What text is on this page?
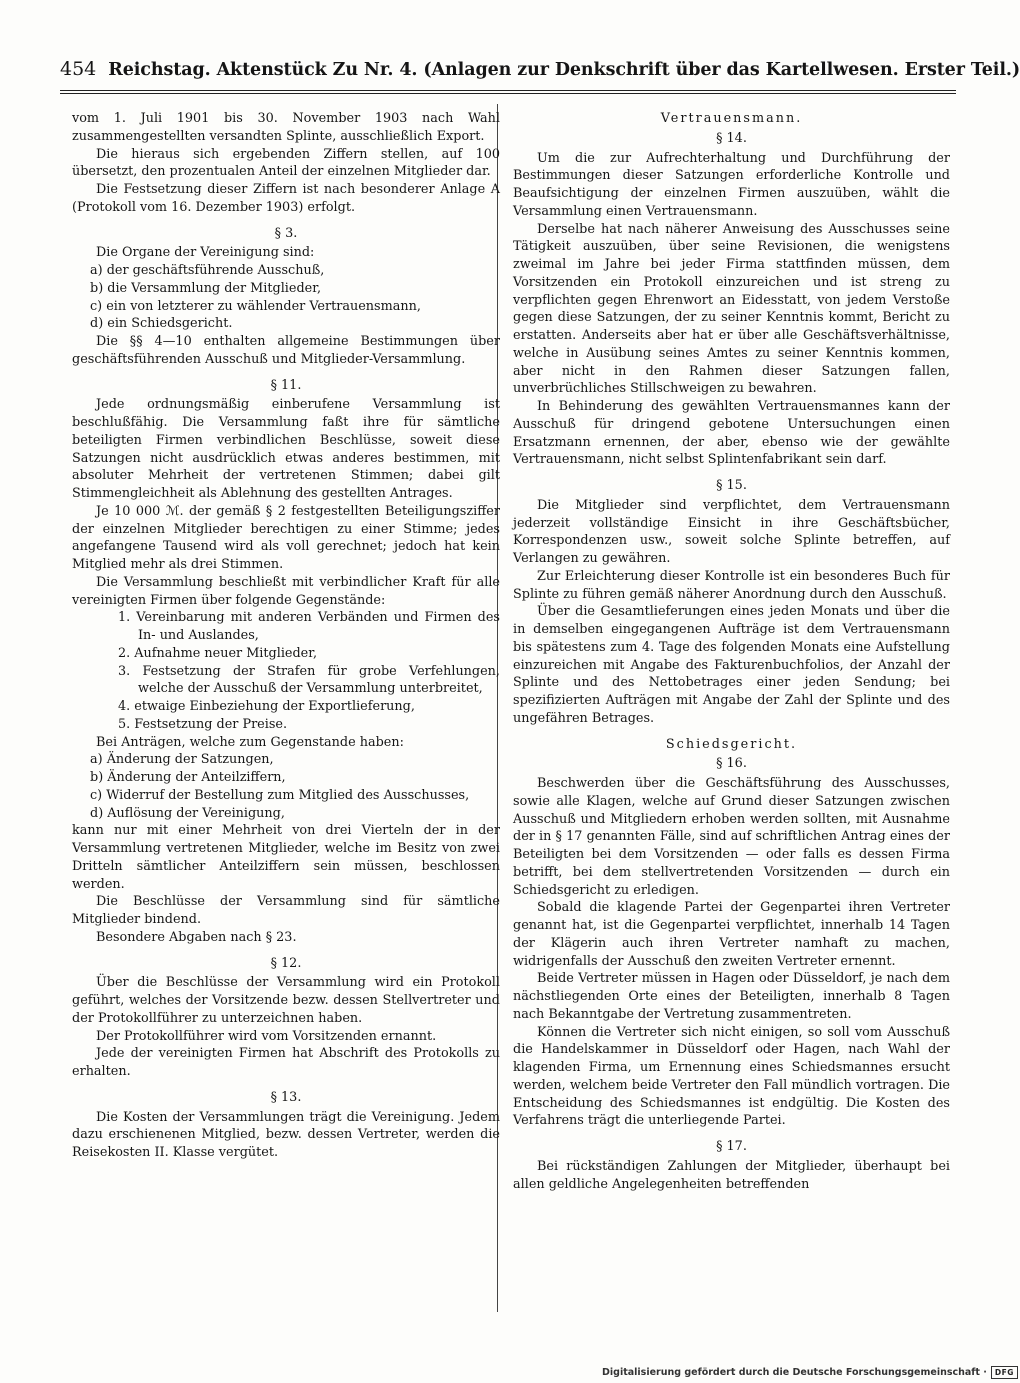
454 Reichstag. Aktenstück Zu Nr. 4. (Anlagen zur Denkschrift über das Kartellwesen. Erster Teil.)

vom 1. Juli 1901 bis 30. November 1903 nach Wahl zusammengestellten versandten Splinte, ausschließlich Export.

Die hieraus sich ergebenden Ziffern stellen, auf 100 übersetzt, den prozentualen Anteil der einzelnen Mitglieder dar.

Die Festsetzung dieser Ziffern ist nach besonderer Anlage A (Protokoll vom 16. Dezember 1903) erfolgt.

§ 3.

Die Organe der Vereinigung sind:

a) der geschäftsführende Ausschuß,

b) die Versammlung der Mitglieder,

c) ein von letzterer zu wählender Vertrauensmann,

d) ein Schiedsgericht.

Die §§ 4—10 enthalten allgemeine Bestimmungen über geschäftsführenden Ausschuß und Mitglieder-Versammlung.

§ 11.

Jede ordnungsmäßig einberufene Versammlung ist beschlußfähig. Die Versammlung faßt ihre für sämtliche beteiligten Firmen verbindlichen Beschlüsse, soweit diese Satzungen nicht ausdrücklich etwas anderes bestimmen, mit absoluter Mehrheit der vertretenen Stimmen; dabei gilt Stimmengleichheit als Ablehnung des gestellten Antrages.

Je 10 000 ℳ. der gemäß § 2 festgestellten Beteiligungsziffer der einzelnen Mitglieder berechtigen zu einer Stimme; jedes angefangene Tausend wird als voll gerechnet; jedoch hat kein Mitglied mehr als drei Stimmen.

Die Versammlung beschließt mit verbindlicher Kraft für alle vereinigten Firmen über folgende Gegenstände:

1. Vereinbarung mit anderen Verbänden und Firmen des In- und Auslandes,

2. Aufnahme neuer Mitglieder,

3. Festsetzung der Strafen für grobe Verfehlungen, welche der Ausschuß der Versammlung unterbreitet,

4. etwaige Einbeziehung der Exportlieferung,

5. Festsetzung der Preise.

Bei Anträgen, welche zum Gegenstande haben:

a) Änderung der Satzungen,

b) Änderung der Anteilziffern,

c) Widerruf der Bestellung zum Mitglied des Ausschusses,

d) Auflösung der Vereinigung,

kann nur mit einer Mehrheit von drei Vierteln der in der Versammlung vertretenen Mitglieder, welche im Besitz von zwei Dritteln sämtlicher Anteilziffern sein müssen, beschlossen werden.

Die Beschlüsse der Versammlung sind für sämtliche Mitglieder bindend.

Besondere Abgaben nach § 23.

§ 12.

Über die Beschlüsse der Versammlung wird ein Protokoll geführt, welches der Vorsitzende bezw. dessen Stellvertreter und der Protokollführer zu unterzeichnen haben.

Der Protokollführer wird vom Vorsitzenden ernannt.

Jede der vereinigten Firmen hat Abschrift des Protokolls zu erhalten.

§ 13.

Die Kosten der Versammlungen trägt die Vereinigung. Jedem dazu erschienenen Mitglied, bezw. dessen Vertreter, werden die Reisekosten II. Klasse vergütet.

Vertrauensmann.
§ 14.

Um die zur Aufrechterhaltung und Durchführung der Bestimmungen dieser Satzungen erforderliche Kontrolle und Beaufsichtigung der einzelnen Firmen auszuüben, wählt die Versammlung einen Vertrauensmann.

Derselbe hat nach näherer Anweisung des Ausschusses seine Tätigkeit auszuüben, über seine Revisionen, die wenigstens zweimal im Jahre bei jeder Firma stattfinden müssen, dem Vorsitzenden ein Protokoll einzureichen und ist streng zu verpflichten gegen Ehrenwort an Eidesstatt, von jedem Verstoße gegen diese Satzungen, der zu seiner Kenntnis kommt, Bericht zu erstatten. Anderseits aber hat er über alle Geschäftsverhältnisse, welche in Ausübung seines Amtes zu seiner Kenntnis kommen, aber nicht in den Rahmen dieser Satzungen fallen, unverbrüchliches Stillschweigen zu bewahren.

In Behinderung des gewählten Vertrauensmannes kann der Ausschuß für dringend gebotene Untersuchungen einen Ersatzmann ernennen, der aber, ebenso wie der gewählte Vertrauensmann, nicht selbst Splintenfabrikant sein darf.

§ 15.

Die Mitglieder sind verpflichtet, dem Vertrauensmann jederzeit vollständige Einsicht in ihre Geschäftsbücher, Korrespondenzen usw., soweit solche Splinte betreffen, auf Verlangen zu gewähren.

Zur Erleichterung dieser Kontrolle ist ein besonderes Buch für Splinte zu führen gemäß näherer Anordnung durch den Ausschuß.

Über die Gesamtlieferungen eines jeden Monats und über die in demselben eingegangenen Aufträge ist dem Vertrauensmann bis spätestens zum 4. Tage des folgenden Monats eine Aufstellung einzureichen mit Angabe des Fakturenbuchfolios, der Anzahl der Splinte und des Nettobetrages einer jeden Sendung; bei spezifizierten Aufträgen mit Angabe der Zahl der Splinte und des ungefähren Betrages.

Schiedsgericht.
§ 16.

Beschwerden über die Geschäftsführung des Ausschusses, sowie alle Klagen, welche auf Grund dieser Satzungen zwischen Ausschuß und Mitgliedern erhoben werden sollten, mit Ausnahme der in § 17 genannten Fälle, sind auf schriftlichen Antrag eines der Beteiligten bei dem Vorsitzenden — oder falls es dessen Firma betrifft, bei dem stellvertretenden Vorsitzenden — durch ein Schiedsgericht zu erledigen.

Sobald die klagende Partei der Gegenpartei ihren Vertreter genannt hat, ist die Gegenpartei verpflichtet, innerhalb 14 Tagen der Klägerin auch ihren Vertreter namhaft zu machen, widrigenfalls der Ausschuß den zweiten Vertreter ernennt.

Beide Vertreter müssen in Hagen oder Düsseldorf, je nach dem nächstliegenden Orte eines der Beteiligten, innerhalb 8 Tagen nach Bekanntgabe der Vertretung zusammentreten.

Können die Vertreter sich nicht einigen, so soll vom Ausschuß die Handelskammer in Düsseldorf oder Hagen, nach Wahl der klagenden Firma, um Ernennung eines Schiedsmannes ersucht werden, welchem beide Vertreter den Fall mündlich vortragen. Die Entscheidung des Schiedsmannes ist endgültig. Die Kosten des Verfahrens trägt die unterliegende Partei.

§ 17.

Bei rückständigen Zahlungen der Mitglieder, überhaupt bei allen geldliche Angelegenheiten betreffenden

Digitalisierung gefördert durch die Deutsche Forschungsgemeinschaft ·	DFG
